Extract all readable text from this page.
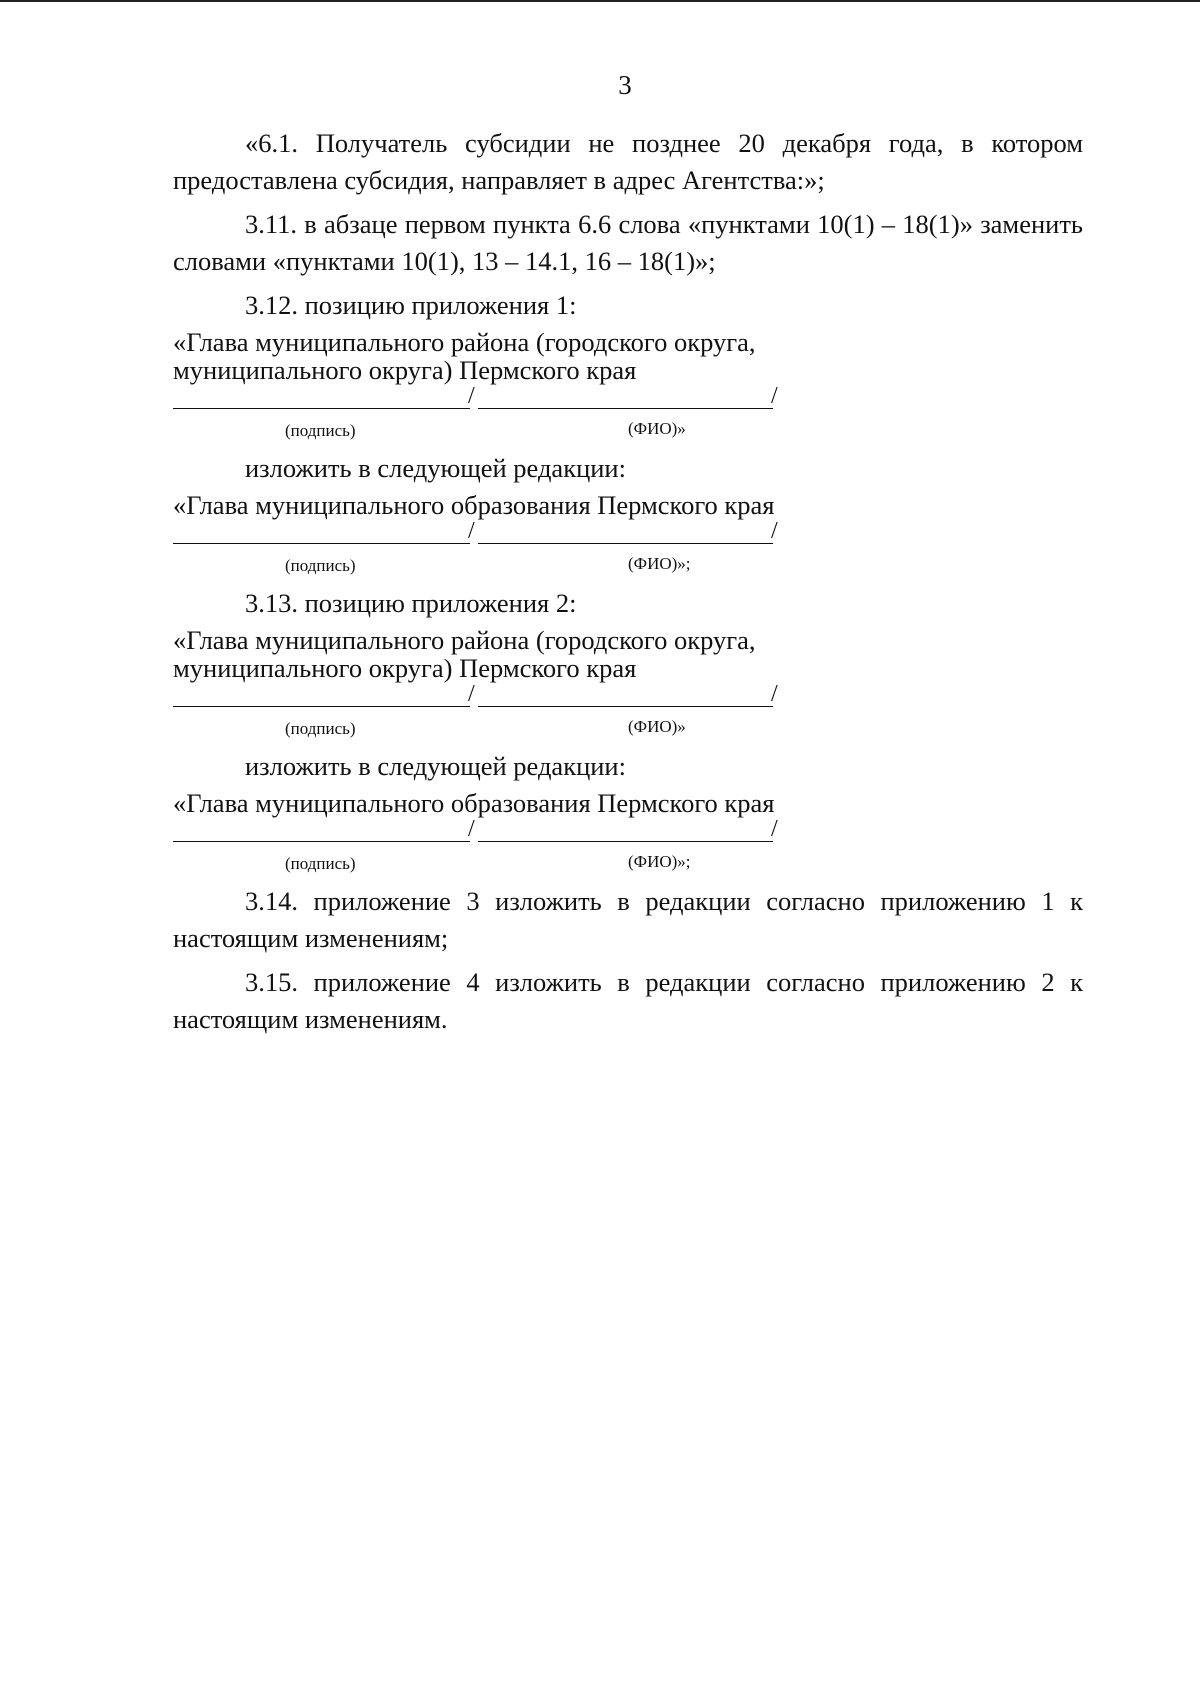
3

«6.1. Получатель субсидии не позднее 20 декабря года, в котором предоставлена субсидия, направляет в адрес Агентства:»;

3.11. в абзаце первом пункта 6.6 слова «пунктами 10(1) – 18(1)» заменить словами «пунктами 10(1), 13 – 14.1, 16 – 18(1)»;

3.12. позицию приложения 1:

«Глава муниципального района (городского округа, муниципального округа) Пермского края

/	/
(подпись)	(ФИО)»

изложить в следующей редакции:

«Глава муниципального образования Пермского края

/	/
(подпись)	(ФИО)»;

3.13. позицию приложения 2:

«Глава муниципального района (городского округа, муниципального округа) Пермского края

/	/
(подпись)	(ФИО)»

изложить в следующей редакции:

«Глава муниципального образования Пермского края

/	/
(подпись)	(ФИО)»;

3.14. приложение 3 изложить в редакции согласно приложению 1 к настоящим изменениям;

3.15. приложение 4 изложить в редакции согласно приложению 2 к настоящим изменениям.
